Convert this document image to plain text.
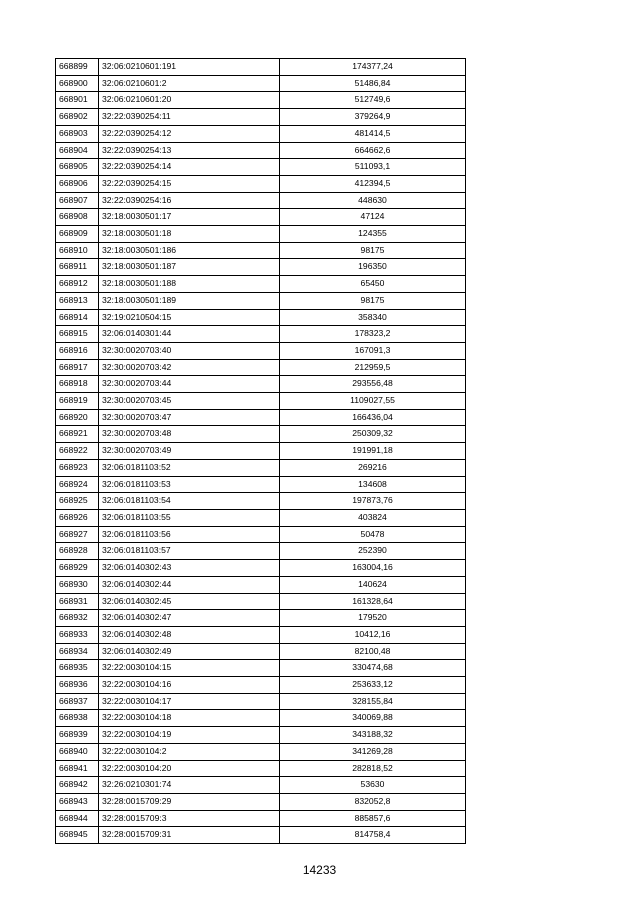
668899	32:06:0210601:191	174377,24
668900	32:06:0210601:2	51486,84
668901	32:06:0210601:20	512749,6
668902	32:22:0390254:11	379264,9
668903	32:22:0390254:12	481414,5
668904	32:22:0390254:13	664662,6
668905	32:22:0390254:14	511093,1
668906	32:22:0390254:15	412394,5
668907	32:22:0390254:16	448630
668908	32:18:0030501:17	47124
668909	32:18:0030501:18	124355
668910	32:18:0030501:186	98175
668911	32:18:0030501:187	196350
668912	32:18:0030501:188	65450
668913	32:18:0030501:189	98175
668914	32:19:0210504:15	358340
668915	32:06:0140301:44	178323,2
668916	32:30:0020703:40	167091,3
668917	32:30:0020703:42	212959,5
668918	32:30:0020703:44	293556,48
668919	32:30:0020703:45	1109027,55
668920	32:30:0020703:47	166436,04
668921	32:30:0020703:48	250309,32
668922	32:30:0020703:49	191991,18
668923	32:06:0181103:52	269216
668924	32:06:0181103:53	134608
668925	32:06:0181103:54	197873,76
668926	32:06:0181103:55	403824
668927	32:06:0181103:56	50478
668928	32:06:0181103:57	252390
668929	32:06:0140302:43	163004,16
668930	32:06:0140302:44	140624
668931	32:06:0140302:45	161328,64
668932	32:06:0140302:47	179520
668933	32:06:0140302:48	10412,16
668934	32:06:0140302:49	82100,48
668935	32:22:0030104:15	330474,68
668936	32:22:0030104:16	253633,12
668937	32:22:0030104:17	328155,84
668938	32:22:0030104:18	340069,88
668939	32:22:0030104:19	343188,32
668940	32:22:0030104:2	341269,28
668941	32:22:0030104:20	282818,52
668942	32:26:0210301:74	53630
668943	32:28:0015709:29	832052,8
668944	32:28:0015709:3	885857,6
668945	32:28:0015709:31	814758,4
14233
